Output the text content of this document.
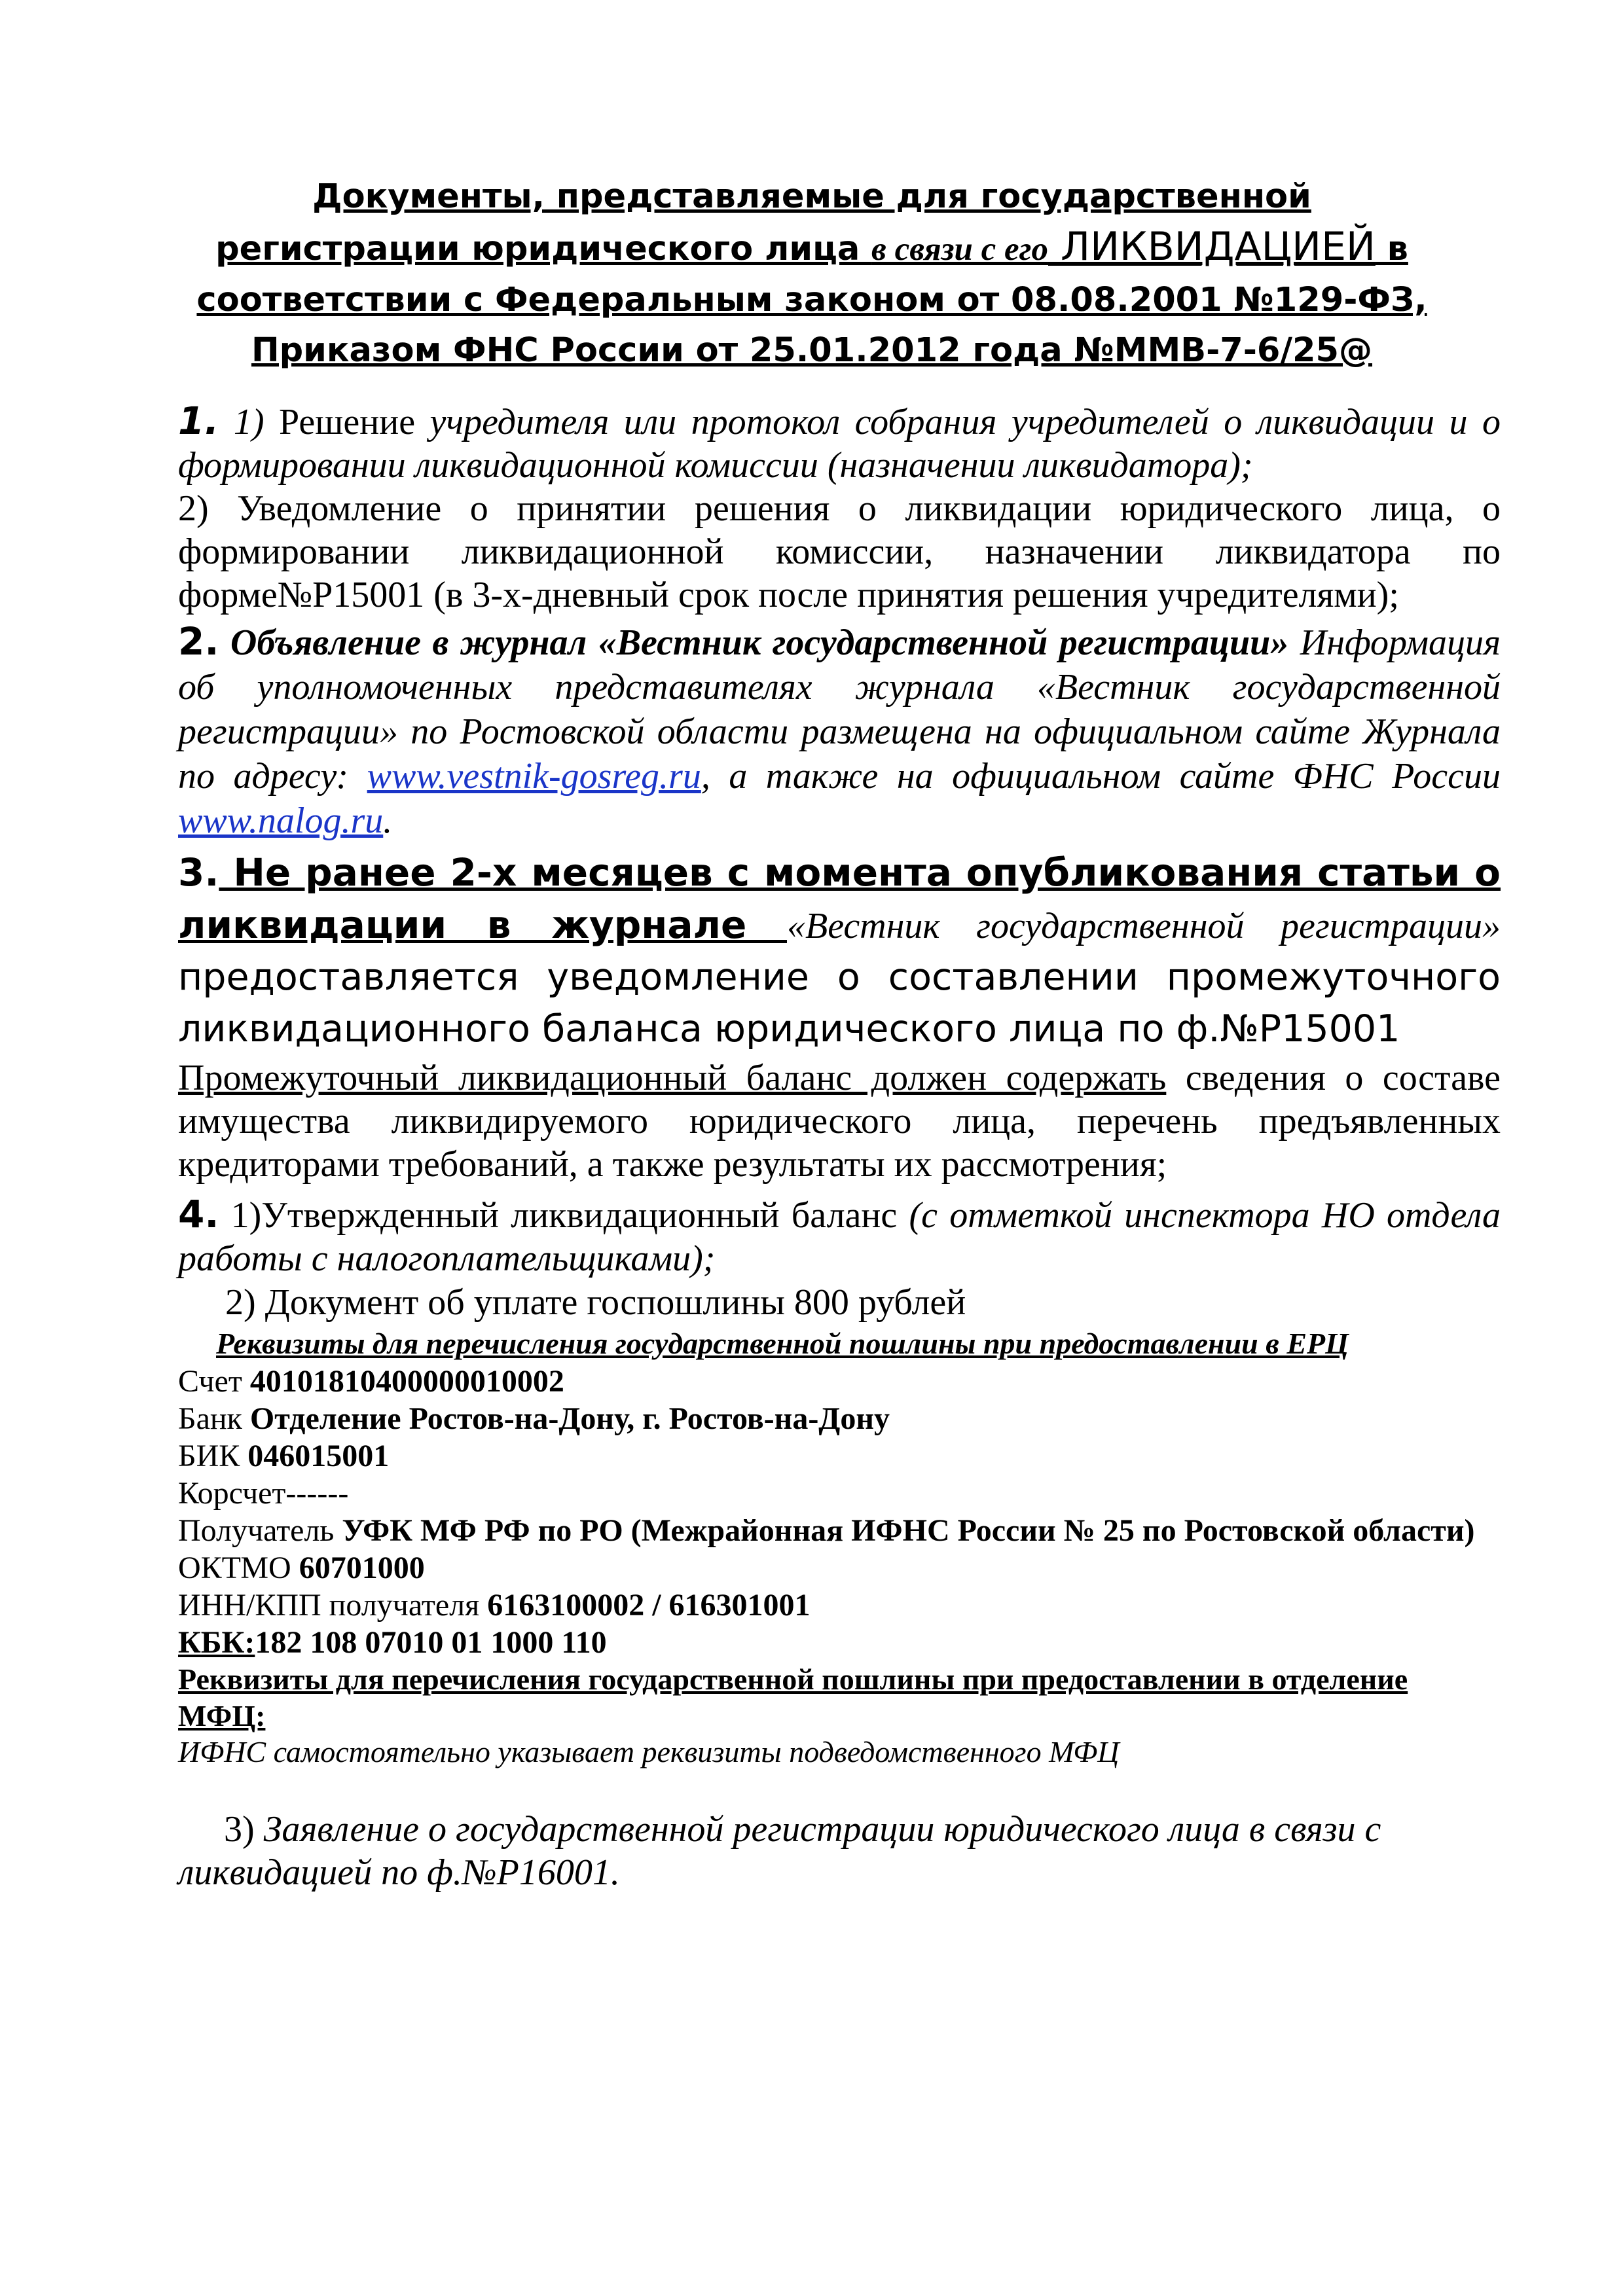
Документы, представляемые для государственной регистрации юридического лица в связи с его ЛИКВИДАЦИЕЙ в соответствии с Федеральным законом от 08.08.2001 №129-ФЗ, Приказом ФНС России от 25.01.2012 года №ММВ-7-6/25@

1. 1) Решение учредителя или протокол собрания учредителей о ликвидации и о формировании ликвидационной комиссии (назначении ликвидатора);

2) Уведомление о принятии решения о ликвидации юридического лица, о формировании ликвидационной комиссии, назначении ликвидатора по форме№Р15001 (в 3-х-дневный срок после принятия решения учредителями);

2. Объявление в журнал «Вестник государственной регистрации» Информация об уполномоченных представителях журнала «Вестник государственной регистрации» по Ростовской области размещена на официальном сайте Журнала по адресу: www.vestnik-gosreg.ru, а также на официальном сайте ФНС России www.nalog.ru.

3. Не ранее 2-х месяцев с момента опубликования статьи о ликвидации в журнале «Вестник государственной регистрации» предоставляется уведомление о составлении промежуточного ликвидационного баланса юридического лица по ф.№Р15001

Промежуточный ликвидационный баланс должен содержать сведения о составе имущества ликвидируемого юридического лица, перечень предъявленных кредиторами требований, а также результаты их рассмотрения;

4. 1)Утвержденный ликвидационный баланс (с отметкой инспектора НО отдела работы с налогоплательщиками);

2) Документ об уплате госпошлины 800 рублей

Реквизиты для перечисления государственной пошлины при предоставлении в ЕРЦ

Счет 40101810400000010002

Банк Отделение Ростов-на-Дону, г. Ростов-на-Дону

БИК 046015001

Корсчет------

Получатель УФК МФ РФ по РО (Межрайонная ИФНС России № 25 по Ростовской области)

ОКТМО 60701000

ИНН/КПП получателя 6163100002 / 616301001

КБК:182 108 07010 01 1000 110

Реквизиты для перечисления государственной пошлины при предоставлении в отделение МФЦ:

ИФНС самостоятельно указывает реквизиты подведомственного МФЦ

3) Заявление о государственной регистрации юридического лица в связи с ликвидацией по ф.№Р16001.
